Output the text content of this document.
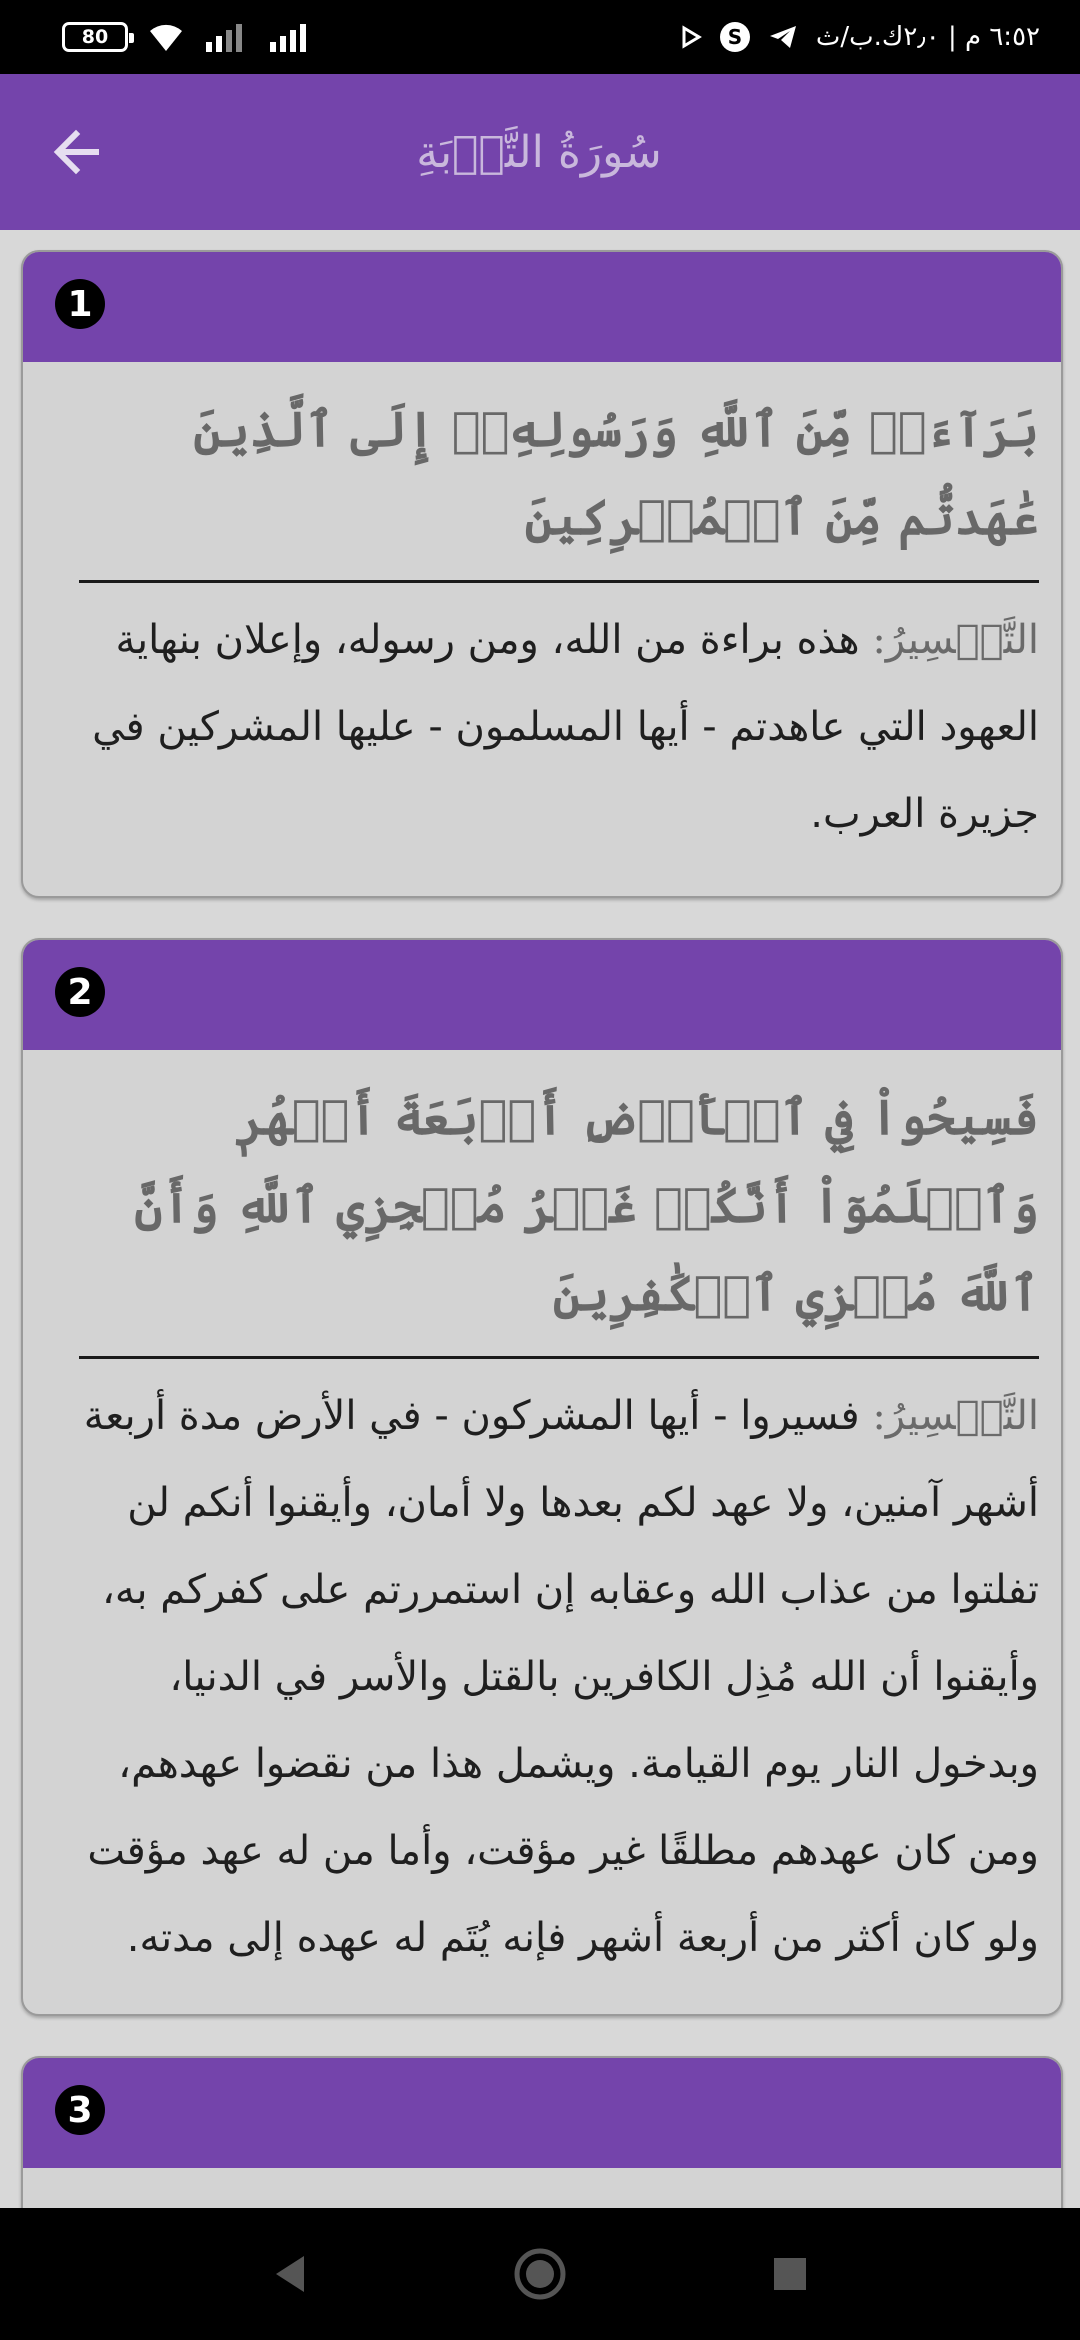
80	S	٦:٥٢ م | ٢٫٠ك.ب/ث
سُورَةُ التَّوۡبَةِ
1
بَرَآءَةٞ مِّنَ ٱللَّهِ وَرَسُولِهِۦٓ إِلَى ٱلَّذِينَ عَٰهَدتُّم مِّنَ ٱلۡمُشۡرِكِينَ
التَّفۡسِيرُ: هذه براءة من الله، ومن رسوله، وإعلان بنهاية العهود التي عاهدتم - أيها المسلمون - عليها المشركين في جزيرة العرب.
2
فَسِيحُواْ فِي ٱلۡأَرۡضِ أَرۡبَعَةَ أَشۡهُرٖ وَٱعۡلَمُوٓاْ أَنَّكُمۡ غَيۡرُ مُعۡجِزِي ٱللَّهِ وَأَنَّ ٱللَّهَ مُخۡزِي ٱلۡكَٰفِرِينَ
التَّفۡسِيرُ: فسيروا - أيها المشركون - في الأرض مدة أربعة أشهر آمنين، ولا عهد لكم بعدها ولا أمان، وأيقنوا أنكم لن تفلتوا من عذاب الله وعقابه إن استمررتم على كفركم به، وأيقنوا أن الله مُذِل الكافرين بالقتل والأسر في الدنيا، وبدخول النار يوم القيامة. ويشمل هذا من نقضوا عهدهم، ومن كان عهدهم مطلقًا غير مؤقت، وأما من له عهد مؤقت ولو كان أكثر من أربعة أشهر فإنه يُتَم له عهده إلى مدته.
3
